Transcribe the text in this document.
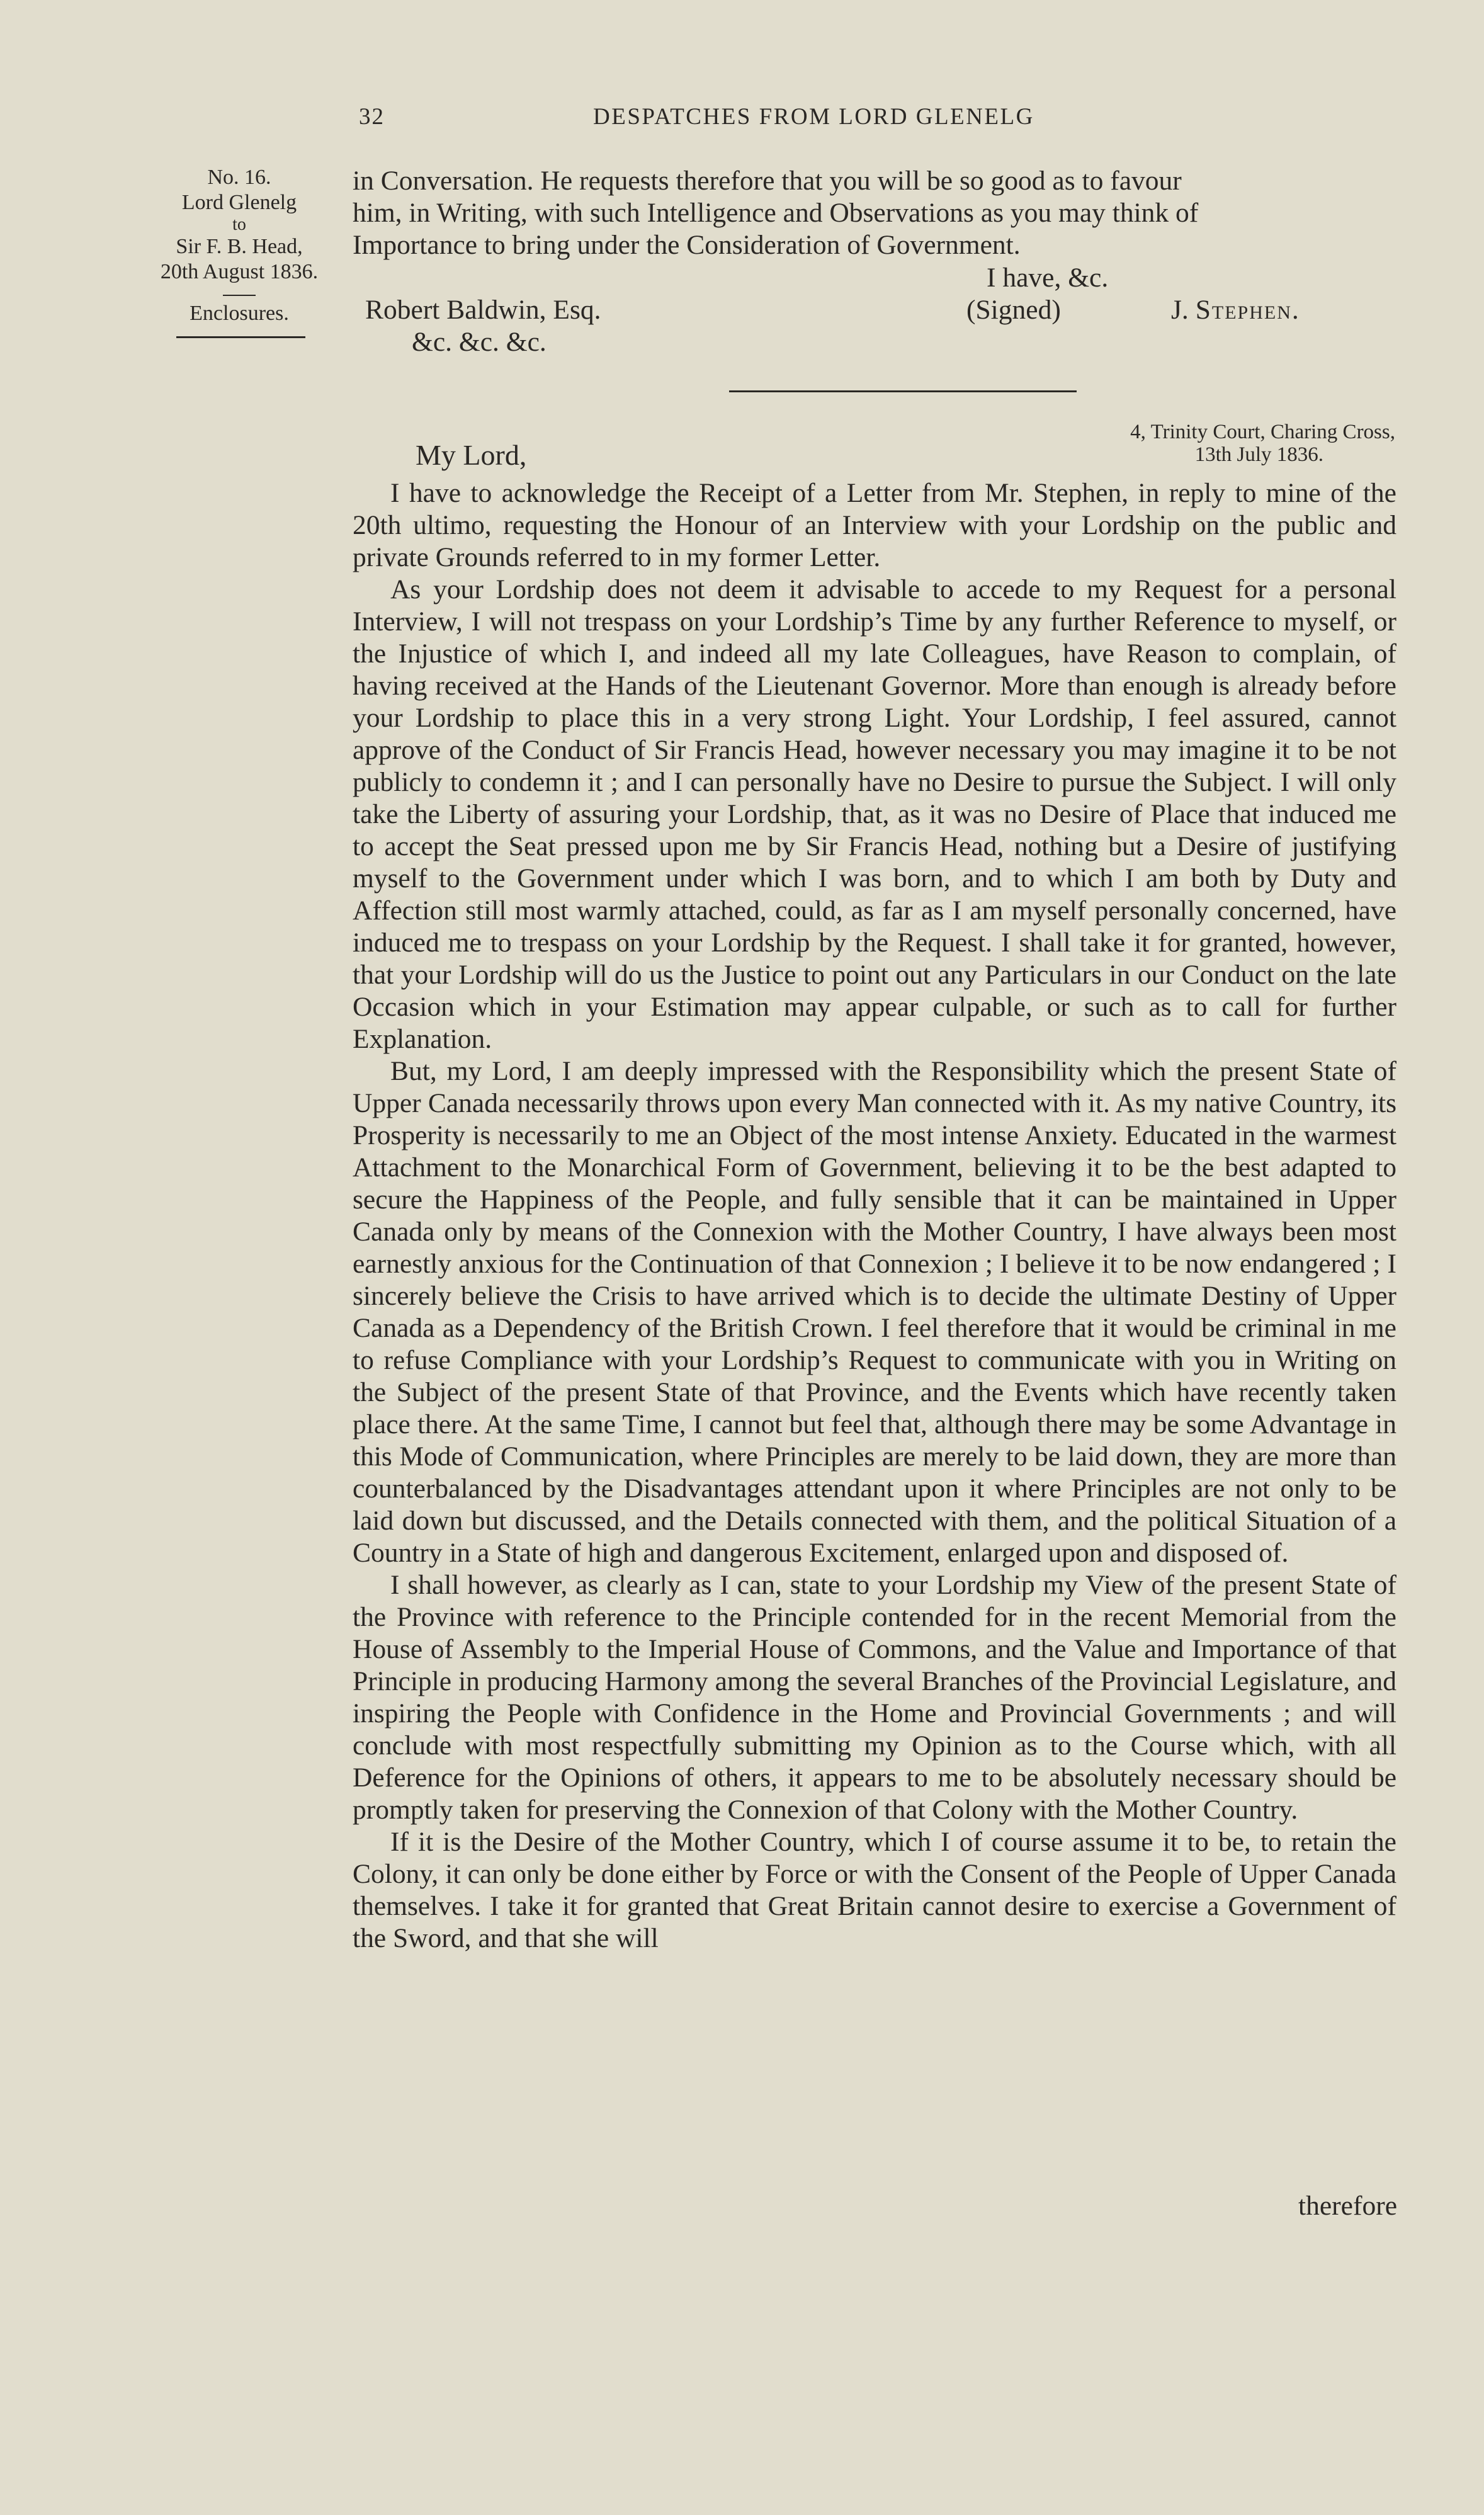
32	DESPATCHES FROM LORD GLENELG
No. 16.
Lord Glenelg
to
Sir F. B. Head,
20th August 1836.
Enclosures.
in Conversation. He requests therefore that you will be so good as to favour
him, in Writing, with such Intelligence and Observations as you may think of
Importance to bring under the Consideration of Government.
I have, &c.
Robert Baldwin, Esq.	(Signed)	J. Stephen.
&c. &c. &c.
4, Trinity Court, Charing Cross,
13th July 1836.
My Lord,

I have to acknowledge the Receipt of a Letter from Mr. Stephen, in reply to mine of the 20th ultimo, requesting the Honour of an Interview with your Lordship on the public and private Grounds referred to in my former Letter.

As your Lordship does not deem it advisable to accede to my Request for a personal Interview, I will not trespass on your Lordship’s Time by any further Reference to myself, or the Injustice of which I, and indeed all my late Colleagues, have Reason to complain, of having received at the Hands of the Lieutenant Governor. More than enough is already before your Lordship to place this in a very strong Light. Your Lordship, I feel assured, cannot approve of the Conduct of Sir Francis Head, however necessary you may imagine it to be not publicly to condemn it ; and I can personally have no Desire to pursue the Subject. I will only take the Liberty of assuring your Lordship, that, as it was no Desire of Place that induced me to accept the Seat pressed upon me by Sir Francis Head, nothing but a Desire of justifying myself to the Government under which I was born, and to which I am both by Duty and Affection still most warmly attached, could, as far as I am myself personally concerned, have induced me to trespass on your Lordship by the Request. I shall take it for granted, however, that your Lordship will do us the Justice to point out any Particulars in our Conduct on the late Occasion which in your Estimation may appear culpable, or such as to call for further Explanation.

But, my Lord, I am deeply impressed with the Responsibility which the present State of Upper Canada necessarily throws upon every Man connected with it. As my native Country, its Prosperity is necessarily to me an Object of the most intense Anxiety. Educated in the warmest Attachment to the Monarchical Form of Government, believing it to be the best adapted to secure the Happiness of the People, and fully sensible that it can be maintained in Upper Canada only by means of the Connexion with the Mother Country, I have always been most earnestly anxious for the Continuation of that Connexion ; I believe it to be now endangered ; I sincerely believe the Crisis to have arrived which is to decide the ultimate Destiny of Upper Canada as a Dependency of the British Crown. I feel therefore that it would be criminal in me to refuse Compliance with your Lordship’s Request to communicate with you in Writing on the Subject of the present State of that Province, and the Events which have recently taken place there. At the same Time, I cannot but feel that, although there may be some Advantage in this Mode of Communication, where Principles are merely to be laid down, they are more than counterbalanced by the Disadvantages attendant upon it where Principles are not only to be laid down but discussed, and the Details connected with them, and the political Situation of a Country in a State of high and dangerous Excitement, enlarged upon and disposed of.

I shall however, as clearly as I can, state to your Lordship my View of the present State of the Province with reference to the Principle contended for in the recent Memorial from the House of Assembly to the Imperial House of Commons, and the Value and Importance of that Principle in producing Harmony among the several Branches of the Provincial Legislature, and inspiring the People with Confidence in the Home and Provincial Governments ; and will conclude with most respectfully submitting my Opinion as to the Course which, with all Deference for the Opinions of others, it appears to me to be absolutely necessary should be promptly taken for preserving the Connexion of that Colony with the Mother Country.

If it is the Desire of the Mother Country, which I of course assume it to be, to retain the Colony, it can only be done either by Force or with the Consent of the People of Upper Canada themselves. I take it for granted that Great Britain cannot desire to exercise a Government of the Sword, and that she will

therefore
